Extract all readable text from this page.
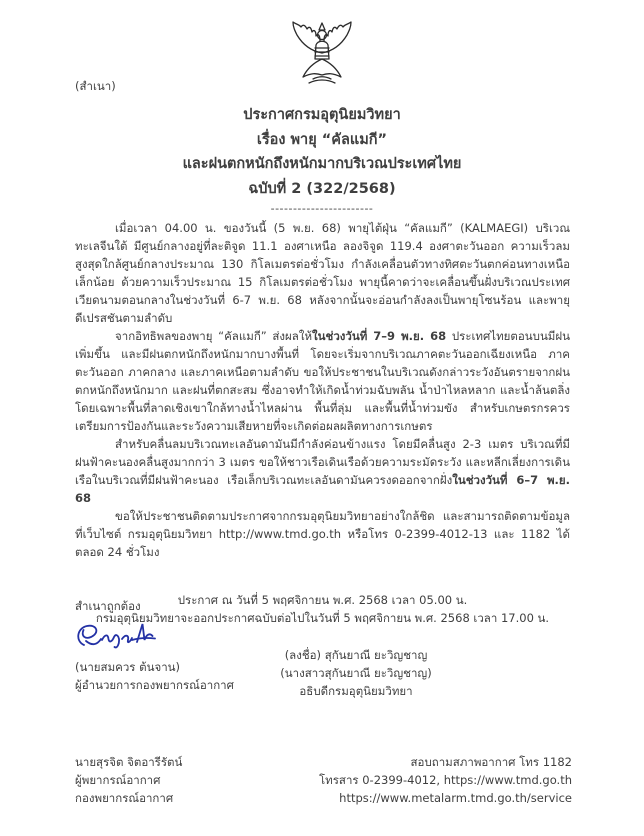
(สำเนา)
ประกาศกรมอุตุนิยมวิทยา
เรื่อง พายุ “คัลแมกี”
และฝนตกหนักถึงหนักมากบริเวณประเทศไทย
ฉบับที่ 2 (322/2568)
-----------------------

เมื่อเวลา 04.00 น. ของวันนี้ (5 พ.ย. 68) พายุไต้ฝุ่น “คัลแมกี” (KALMAEGI) บริเวณทะเลจีนใต้ มีศูนย์กลางอยู่ที่ละติจูด 11.1 องศาเหนือ ลองจิจูด 119.4 องศาตะวันออก ความเร็วลมสูงสุดใกล้ศูนย์กลางประมาณ 130 กิโลเมตรต่อชั่วโมง กำลังเคลื่อนตัวทางทิศตะวันตกค่อนทางเหนือเล็กน้อย ด้วยความเร็วประมาณ 15 กิโลเมตรต่อชั่วโมง พายุนี้คาดว่าจะเคลื่อนขึ้นฝั่งบริเวณประเทศเวียดนามตอนกลางในช่วงวันที่ 6-7 พ.ย. 68 หลังจากนั้นจะอ่อนกำลังลงเป็นพายุโซนร้อน และพายุดีเปรสชันตามลำดับ

จากอิทธิพลของพายุ “คัลแมกี” ส่งผลให้ในช่วงวันที่ 7–9 พ.ย. 68 ประเทศไทยตอนบนมีฝนเพิ่มขึ้น และมีฝนตกหนักถึงหนักมากบางพื้นที่ โดยจะเริ่มจากบริเวณภาคตะวันออกเฉียงเหนือ ภาคตะวันออก ภาคกลาง และภาคเหนือตามลำดับ ขอให้ประชาชนในบริเวณดังกล่าวระวังอันตรายจากฝนตกหนักถึงหนักมาก และฝนที่ตกสะสม ซึ่งอาจทำให้เกิดน้ำท่วมฉับพลัน น้ำป่าไหลหลาก และน้ำล้นตลิ่ง โดยเฉพาะพื้นที่ลาดเชิงเขาใกล้ทางน้ำไหลผ่าน พื้นที่ลุ่ม และพื้นที่น้ำท่วมขัง สำหรับเกษตรกรควรเตรียมการป้องกันและระวังความเสียหายที่จะเกิดต่อผลผลิตทางการเกษตร

สำหรับคลื่นลมบริเวณทะเลอันดามันมีกำลังค่อนข้างแรง โดยมีคลื่นสูง 2-3 เมตร บริเวณที่มีฝนฟ้าคะนองคลื่นสูงมากกว่า 3 เมตร ขอให้ชาวเรือเดินเรือด้วยความระมัดระวัง และหลีกเลี่ยงการเดินเรือในบริเวณที่มีฝนฟ้าคะนอง เรือเล็กบริเวณทะเลอันดามันควรงดออกจากฝั่งในช่วงวันที่ 6–7 พ.ย. 68

ขอให้ประชาชนติดตามประกาศจากกรมอุตุนิยมวิทยาอย่างใกล้ชิด และสามารถติดตามข้อมูลที่เว็บไซต์ กรมอุตุนิยมวิทยา http://www.tmd.go.th หรือโทร 0-2399-4012-13 และ 1182 ได้ตลอด 24 ชั่วโมง

ประกาศ ณ วันที่ 5 พฤศจิกายน พ.ศ. 2568 เวลา 05.00 น.
กรมอุตุนิยมวิทยาจะออกประกาศฉบับต่อไปในวันที่ 5 พฤศจิกายน พ.ศ. 2568 เวลา 17.00 น.
(ลงชื่อ) สุกันยาณี ยะวิญชาญ
(นางสาวสุกันยาณี ยะวิญชาญ)
อธิบดีกรมอุตุนิยมวิทยา
สำเนาถูกต้อง
(นายสมควร ต้นจาน)
ผู้อำนวยการกองพยากรณ์อากาศ
นายสุรจิต จิตอารีรัตน์
ผู้พยากรณ์อากาศ
กองพยากรณ์อากาศ
สอบถามสภาพอากาศ โทร 1182
โทรสาร 0-2399-4012, https://www.tmd.go.th
https://www.metalarm.tmd.go.th/service
